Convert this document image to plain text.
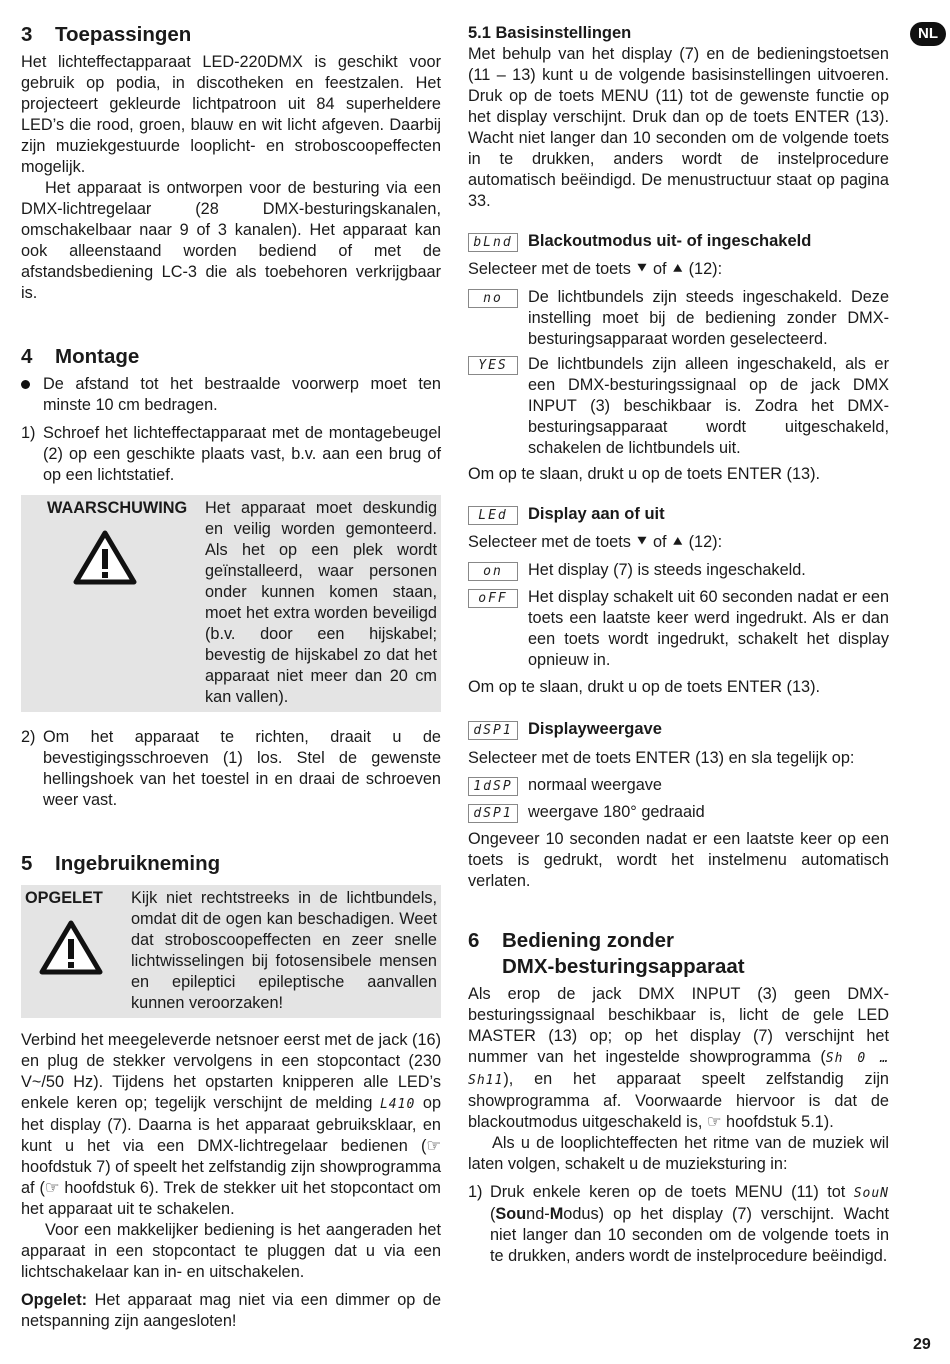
NL
3 Toepassingen

Het lichteffectapparaat LED-220DMX is geschikt voor gebruik op podia, in discotheken en feestzalen. Het projecteert gekleurde lichtpatroon uit 84 superheldere LED’s die rood, groen, blauw en wit licht afgeven. Daarbij zijn muziekgestuurde looplicht- en stroboscoopeffecten mogelijk.

Het apparaat is ontworpen voor de besturing via een DMX-lichtregelaar (28 DMX-besturingskanalen, omschakelbaar naar 9 of 3 kanalen). Het apparaat kan ook alleenstaand worden bediend of met de afstandsbediening LC-3 die als toebehoren verkrijgbaar is.

4 Montage
De afstand tot het bestraalde voorwerp moet ten minste 10 cm bedragen.
1) Schroef het lichteffectapparaat met de montagebeugel (2) op een geschikte plaats vast, b.v. aan een brug of op een lichtstatief.
WAARSCHUWING	Het apparaat moet deskundig en veilig worden gemonteerd. Als het op een plek wordt geïnstalleerd, waar personen onder kunnen komen staan, moet het extra worden beveiligd (b.v. door een hijskabel; bevestig de hijskabel zo dat het apparaat niet meer dan 20 cm kan vallen).
2) Om het apparaat te richten, draait u de bevestigingsschroeven (1) los. Stel de gewenste hellingshoek van het toestel in en draai de schroeven weer vast.
5 Ingebruikneming
OPGELET	Kijk niet rechtstreeks in de lichtbundels, omdat dit de ogen kan beschadigen. Weet dat stroboscoopeffecten en zeer snelle lichtwisselingen bij fotosensibele mensen en epileptici epileptische aanvallen kunnen veroorzaken!

Verbind het meegeleverde netsnoer eerst met de jack (16) en plug de stekker vervolgens in een stopcontact (230 V~/50 Hz). Tijdens het opstarten knipperen alle LED’s enkele keren op; tegelijk verschijnt de melding L410 op het display (7). Daarna is het apparaat gebruiksklaar, en kunt u het via een DMX-lichtregelaar bedienen (☞ hoofdstuk 7) of speelt het zelfstandig zijn showprogramma af (☞ hoofdstuk 6). Trek de stekker uit het stopcontact om het apparaat uit te schakelen.

Voor een makkelijker bediening is het aangeraden het apparaat in een stopcontact te pluggen dat u via een lichtschakelaar kan in- en uitschakelen.

Opgelet: Het apparaat mag niet via een dimmer op de netspanning zijn aangesloten!

5.1 Basisinstellingen

Met behulp van het display (7) en de bedieningstoetsen (11 – 13) kunt u de volgende basisinstellingen uitvoeren. Druk op de toets MENU (11) tot de gewenste functie op het display verschijnt. Druk dan op de toets ENTER (13). Wacht niet langer dan 10 seconden om de volgende toets in te drukken, anders wordt de instelprocedure automatisch beëindigd. De menustructuur staat op pagina 33.

bLnd Blackoutmodus uit- of ingeschakeld

Selecteer met de toets ⯆ of ⯅ (12):

no	De lichtbundels zijn steeds ingeschakeld. Deze instelling moet bij de bediening zonder DMX-besturingsapparaat worden geselecteerd.
YES	De lichtbundels zijn alleen ingeschakeld, als er een DMX-besturingssignaal op de jack DMX INPUT (3) beschikbaar is. Zodra het DMX-besturingsapparaat wordt uitgeschakeld, schakelen de lichtbundels uit.

Om op te slaan, drukt u op de toets ENTER (13).

LEd	Display aan of uit

Selecteer met de toets ⯆ of ⯅ (12):

on	Het display (7) is steeds ingeschakeld.
oFF	Het display schakelt uit 60 seconden nadat er een toets een laatste keer werd ingedrukt. Als er dan een toets wordt ingedrukt, schakelt het display opnieuw in.

Om op te slaan, drukt u op de toets ENTER (13).

dSP1 Displayweergave

Selecteer met de toets ENTER (13) en sla tegelijk op:

1dSP normaal weergave
dSP1 weergave 180° gedraaid

Ongeveer 10 seconden nadat er een laatste keer op een toets is gedrukt, wordt het instelmenu automatisch verlaten.

6 Bediening zonder
DMX-besturingsapparaat

Als erop de jack DMX INPUT (3) geen DMX-besturingssignaal beschikbaar is, licht de gele LED MASTER (13) op; op het display (7) verschijnt het nummer van het ingestelde showprogramma (Sh 0 … Sh11), en het apparaat speelt zelfstandig zijn showprogramma af. Voorwaarde hiervoor is dat de blackoutmodus uitgeschakeld is, ☞ hoofdstuk 5.1).

Als u de looplichteffecten het ritme van de muziek wil laten volgen, schakelt u de muzieksturing in:

1) Druk enkele keren op de toets MENU (11) tot SouN (Sound-Modus) op het display (7) verschijnt. Wacht niet langer dan 10 seconden om de volgende toets in te drukken, anders wordt de instelprocedure beëindigd.
29
